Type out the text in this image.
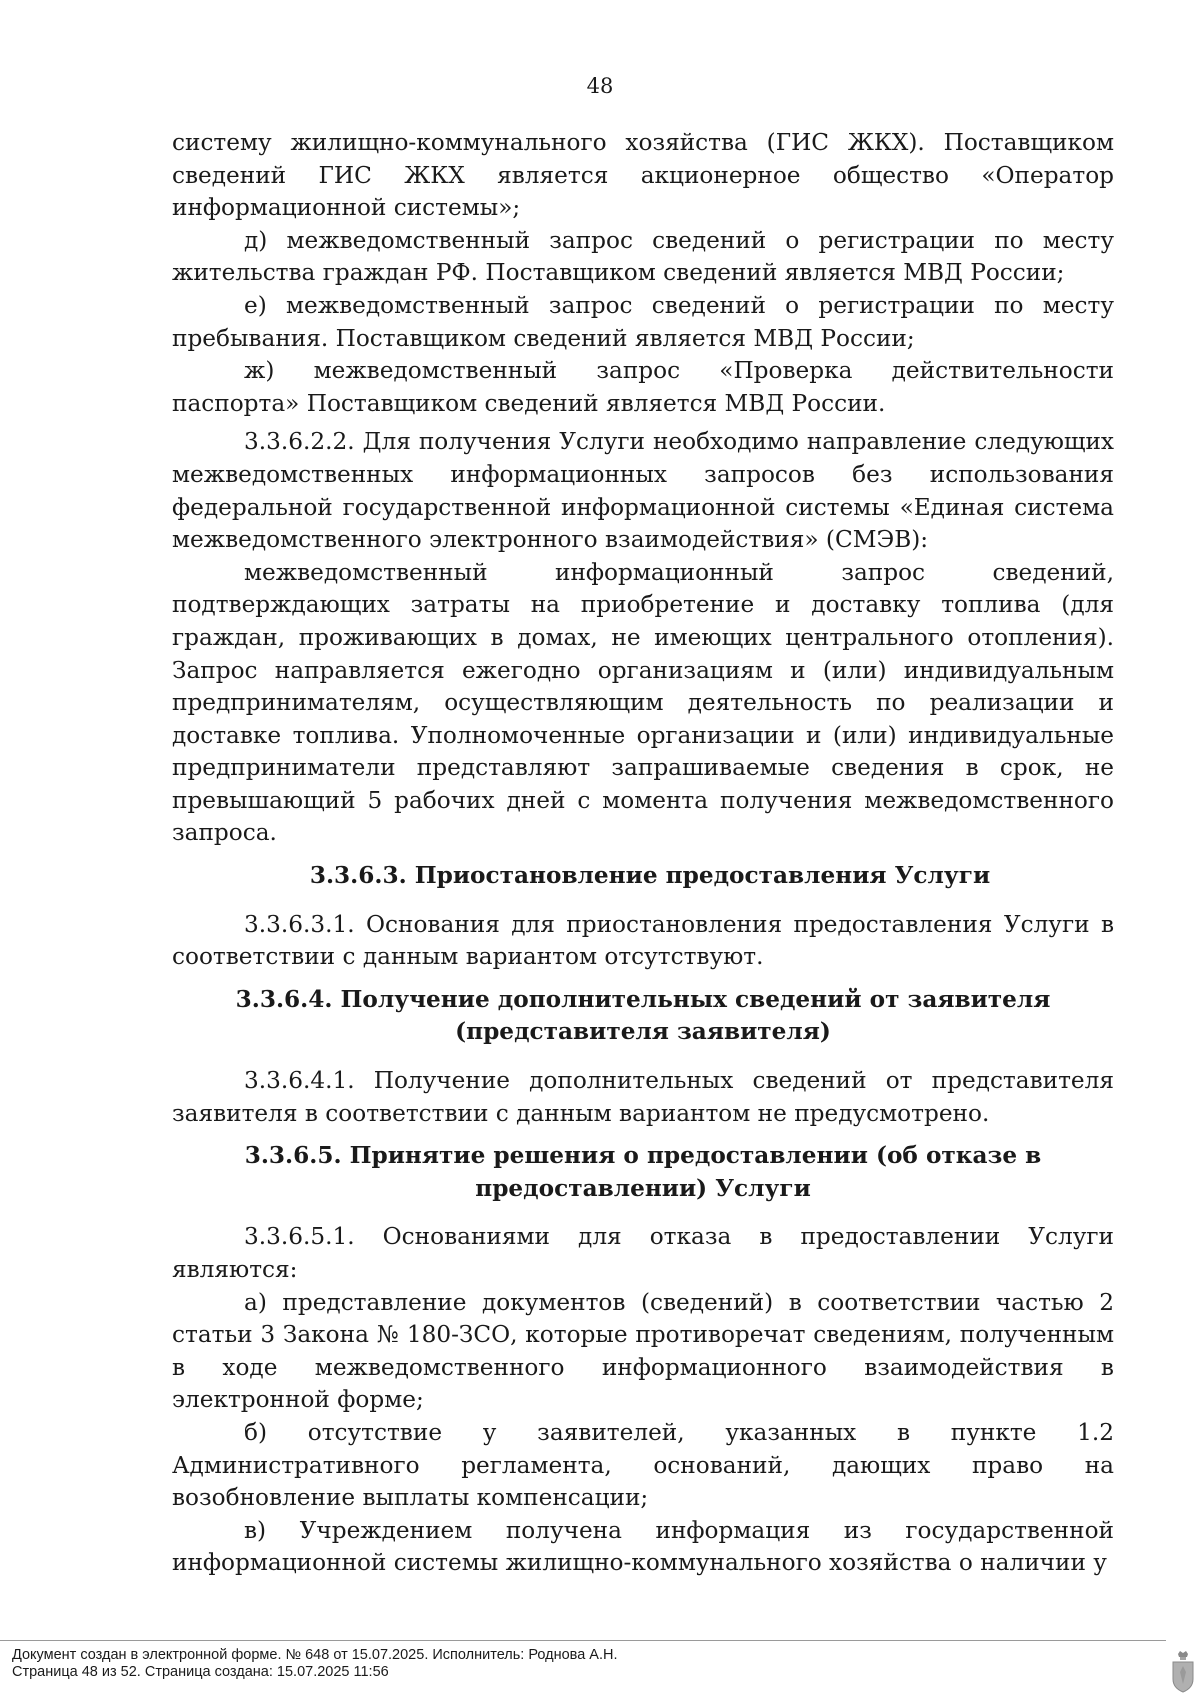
48

систему жилищно-коммунального хозяйства (ГИС ЖКХ). Поставщиком сведений ГИС ЖКХ является акционерное общество «Оператор информационной системы»;

д) межведомственный запрос сведений о регистрации по месту жительства граждан РФ. Поставщиком сведений является МВД России;

е) межведомственный запрос сведений о регистрации по месту пребывания. Поставщиком сведений является МВД России;

ж) межведомственный запрос «Проверка действительности паспорта» Поставщиком сведений является МВД России.

3.3.6.2.2. Для получения Услуги необходимо направление следующих межведомственных информационных запросов без использования федеральной государственной информационной системы «Единая система межведомственного электронного взаимодействия» (СМЭВ):

межведомственный информационный запрос сведений, подтверждающих затраты на приобретение и доставку топлива (для граждан, проживающих в домах, не имеющих центрального отопления). Запрос направляется ежегодно организациям и (или) индивидуальным предпринимателям, осуществляющим деятельность по реализации и доставке топлива. Уполномоченные организации и (или) индивидуальные предприниматели представляют запрашиваемые сведения в срок, не превышающий 5 рабочих дней с момента получения межведомственного запроса.

3.3.6.3. Приостановление предоставления Услуги

3.3.6.3.1. Основания для приостановления предоставления Услуги в соответствии с данным вариантом отсутствуют.

3.3.6.4. Получение дополнительных сведений от заявителя
(представителя заявителя)

3.3.6.4.1. Получение дополнительных сведений от представителя заявителя в соответствии с данным вариантом не предусмотрено.

3.3.6.5. Принятие решения о предоставлении (об отказе в
предоставлении) Услуги

3.3.6.5.1. Основаниями для отказа в предоставлении Услуги являются:

а) представление документов (сведений) в соответствии частью 2 статьи 3 Закона № 180-ЗСО, которые противоречат сведениям, полученным в ходе межведомственного информационного взаимодействия в электронной форме;

б) отсутствие у заявителей, указанных в пункте 1.2 Административного регламента, оснований, дающих право на возобновление выплаты компенсации;

в) Учреждением получена информация из государственной информационной системы жилищно-коммунального хозяйства о наличии у

Документ создан в электронной форме. № 648 от 15.07.2025. Исполнитель: Роднова А.Н.
Страница 48 из 52. Страница создана: 15.07.2025 11:56
